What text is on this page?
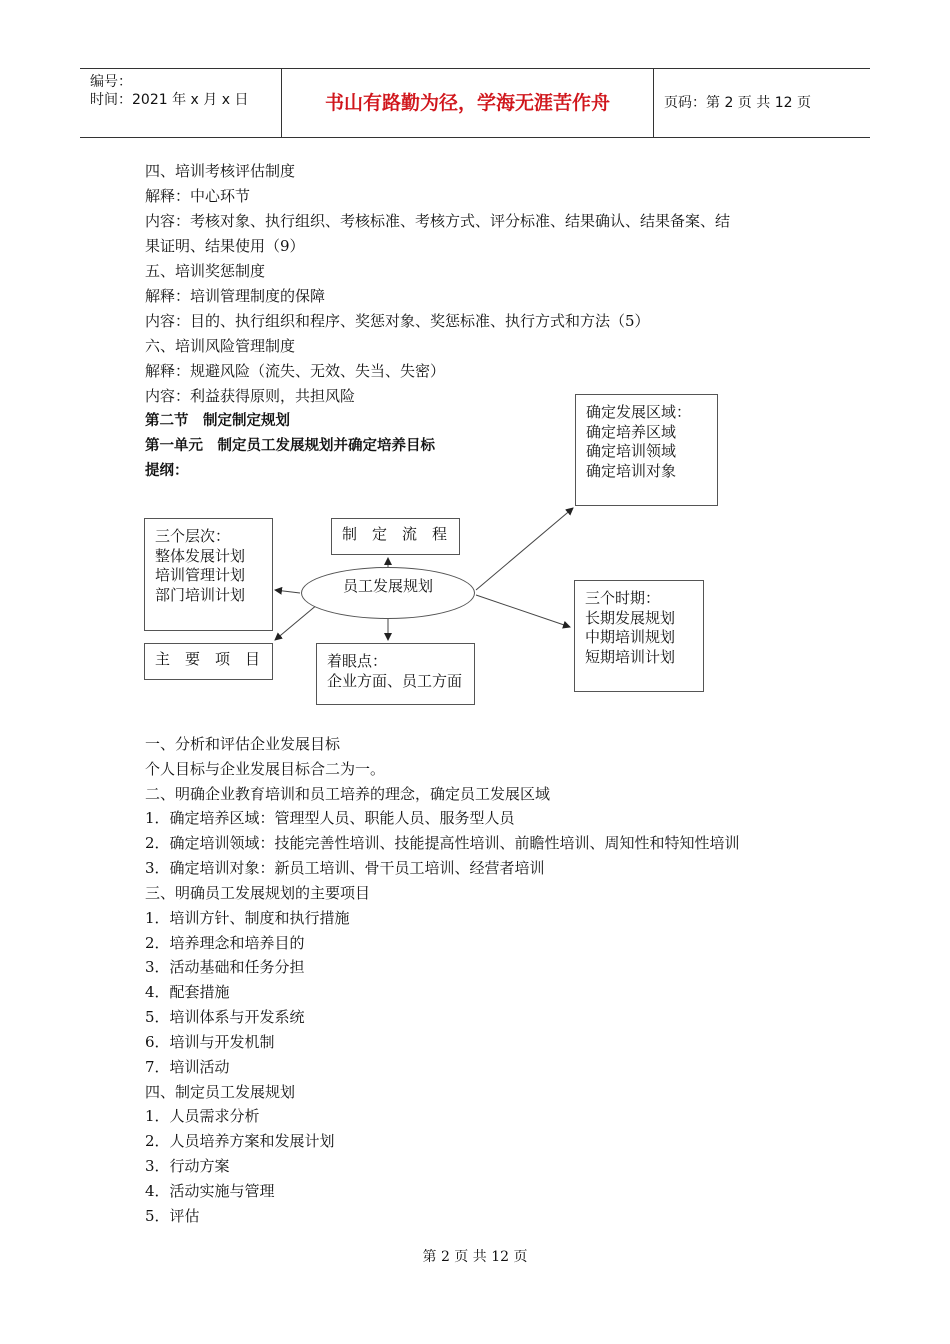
编号：
时间：2021 年 x 月 x 日	书山有路勤为径，学海无涯苦作舟	页码：第 2 页 共 12 页
四、培训考核评估制度
解释：中心环节
内容：考核对象、执行组织、考核标准、考核方式、评分标准、结果确认、结果备案、结
果证明、结果使用（9）
五、培训奖惩制度
解释：培训管理制度的保障
内容：目的、执行组织和程序、奖惩对象、奖惩标准、执行方式和方法（5）
六、培训风险管理制度
解释：规避风险（流失、无效、失当、失密）
内容：利益获得原则，共担风险
第二节　制定制定规划
第一单元　制定员工发展规划并确定培养目标
提纲：
确定发展区域：
确定培养区域
确定培训领域
确定培训对象
三个层次：
整体发展计划
培训管理计划
部门培训计划
制　定　流　程
员工发展规划
三个时期：
长期发展规划
中期培训规划
短期培训计划
主　要　项　目	着眼点：
企业方面、员工方面
一、分析和评估企业发展目标
个人目标与企业发展目标合二为一。
二、明确企业教育培训和员工培养的理念，确定员工发展区域
1．确定培养区域：管理型人员、职能人员、服务型人员
2．确定培训领域：技能完善性培训、技能提高性培训、前瞻性培训、周知性和特知性培训
3．确定培训对象：新员工培训、骨干员工培训、经营者培训
三、明确员工发展规划的主要项目
1．培训方针、制度和执行措施
2．培养理念和培养目的
3．活动基础和任务分担
4．配套措施
5．培训体系与开发系统
6．培训与开发机制
7．培训活动
四、制定员工发展规划
1．人员需求分析
2．人员培养方案和发展计划
3．行动方案
4．活动实施与管理
5．评估
第 2 页 共 12 页
